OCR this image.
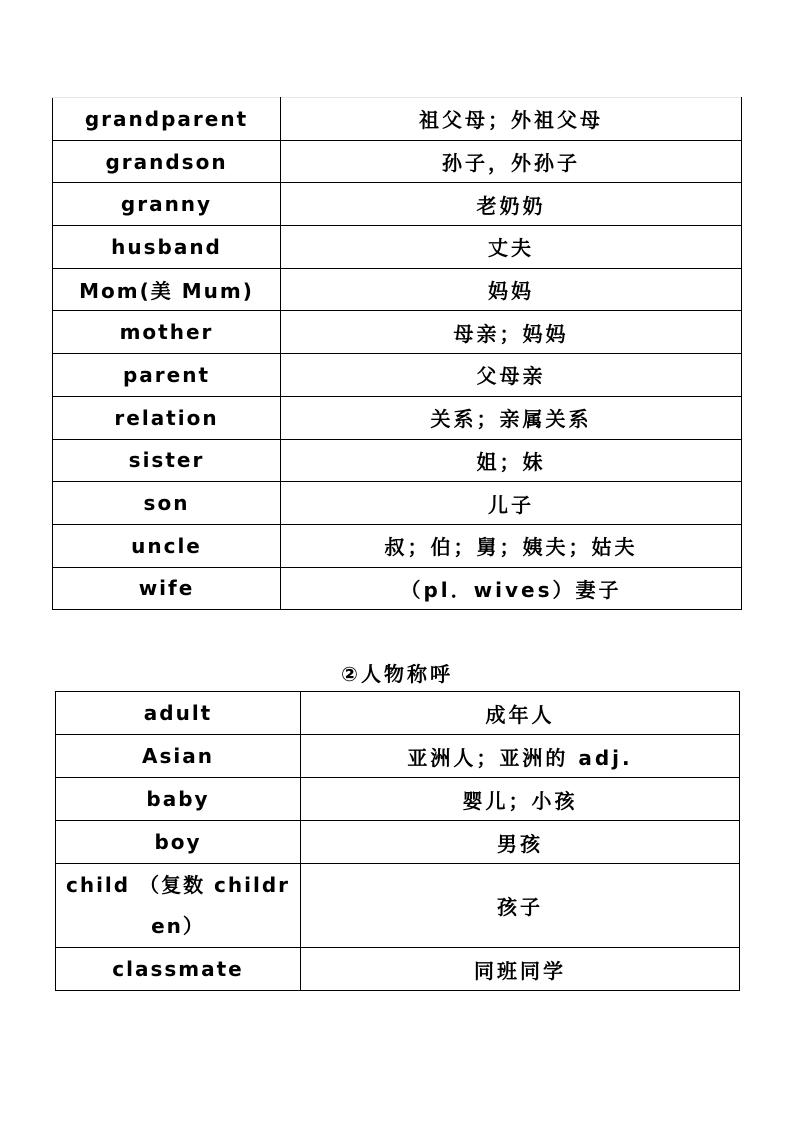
grandparent	祖父母；外祖父母
grandson	孙子，外孙子
granny	老奶奶
husband	丈夫
Mom(美 Mum)	妈妈
mother	母亲；妈妈
parent	父母亲
relation	关系；亲属关系
sister	姐；妹
son	儿子
uncle	叔；伯；舅；姨夫；姑夫
wife	（pl．wives）妻子
②人物称呼
adult	成年人
Asian	亚洲人；亚洲的 adj.
baby	婴儿；小孩
boy	男孩
child （复数 children）	孩子
classmate	同班同学
